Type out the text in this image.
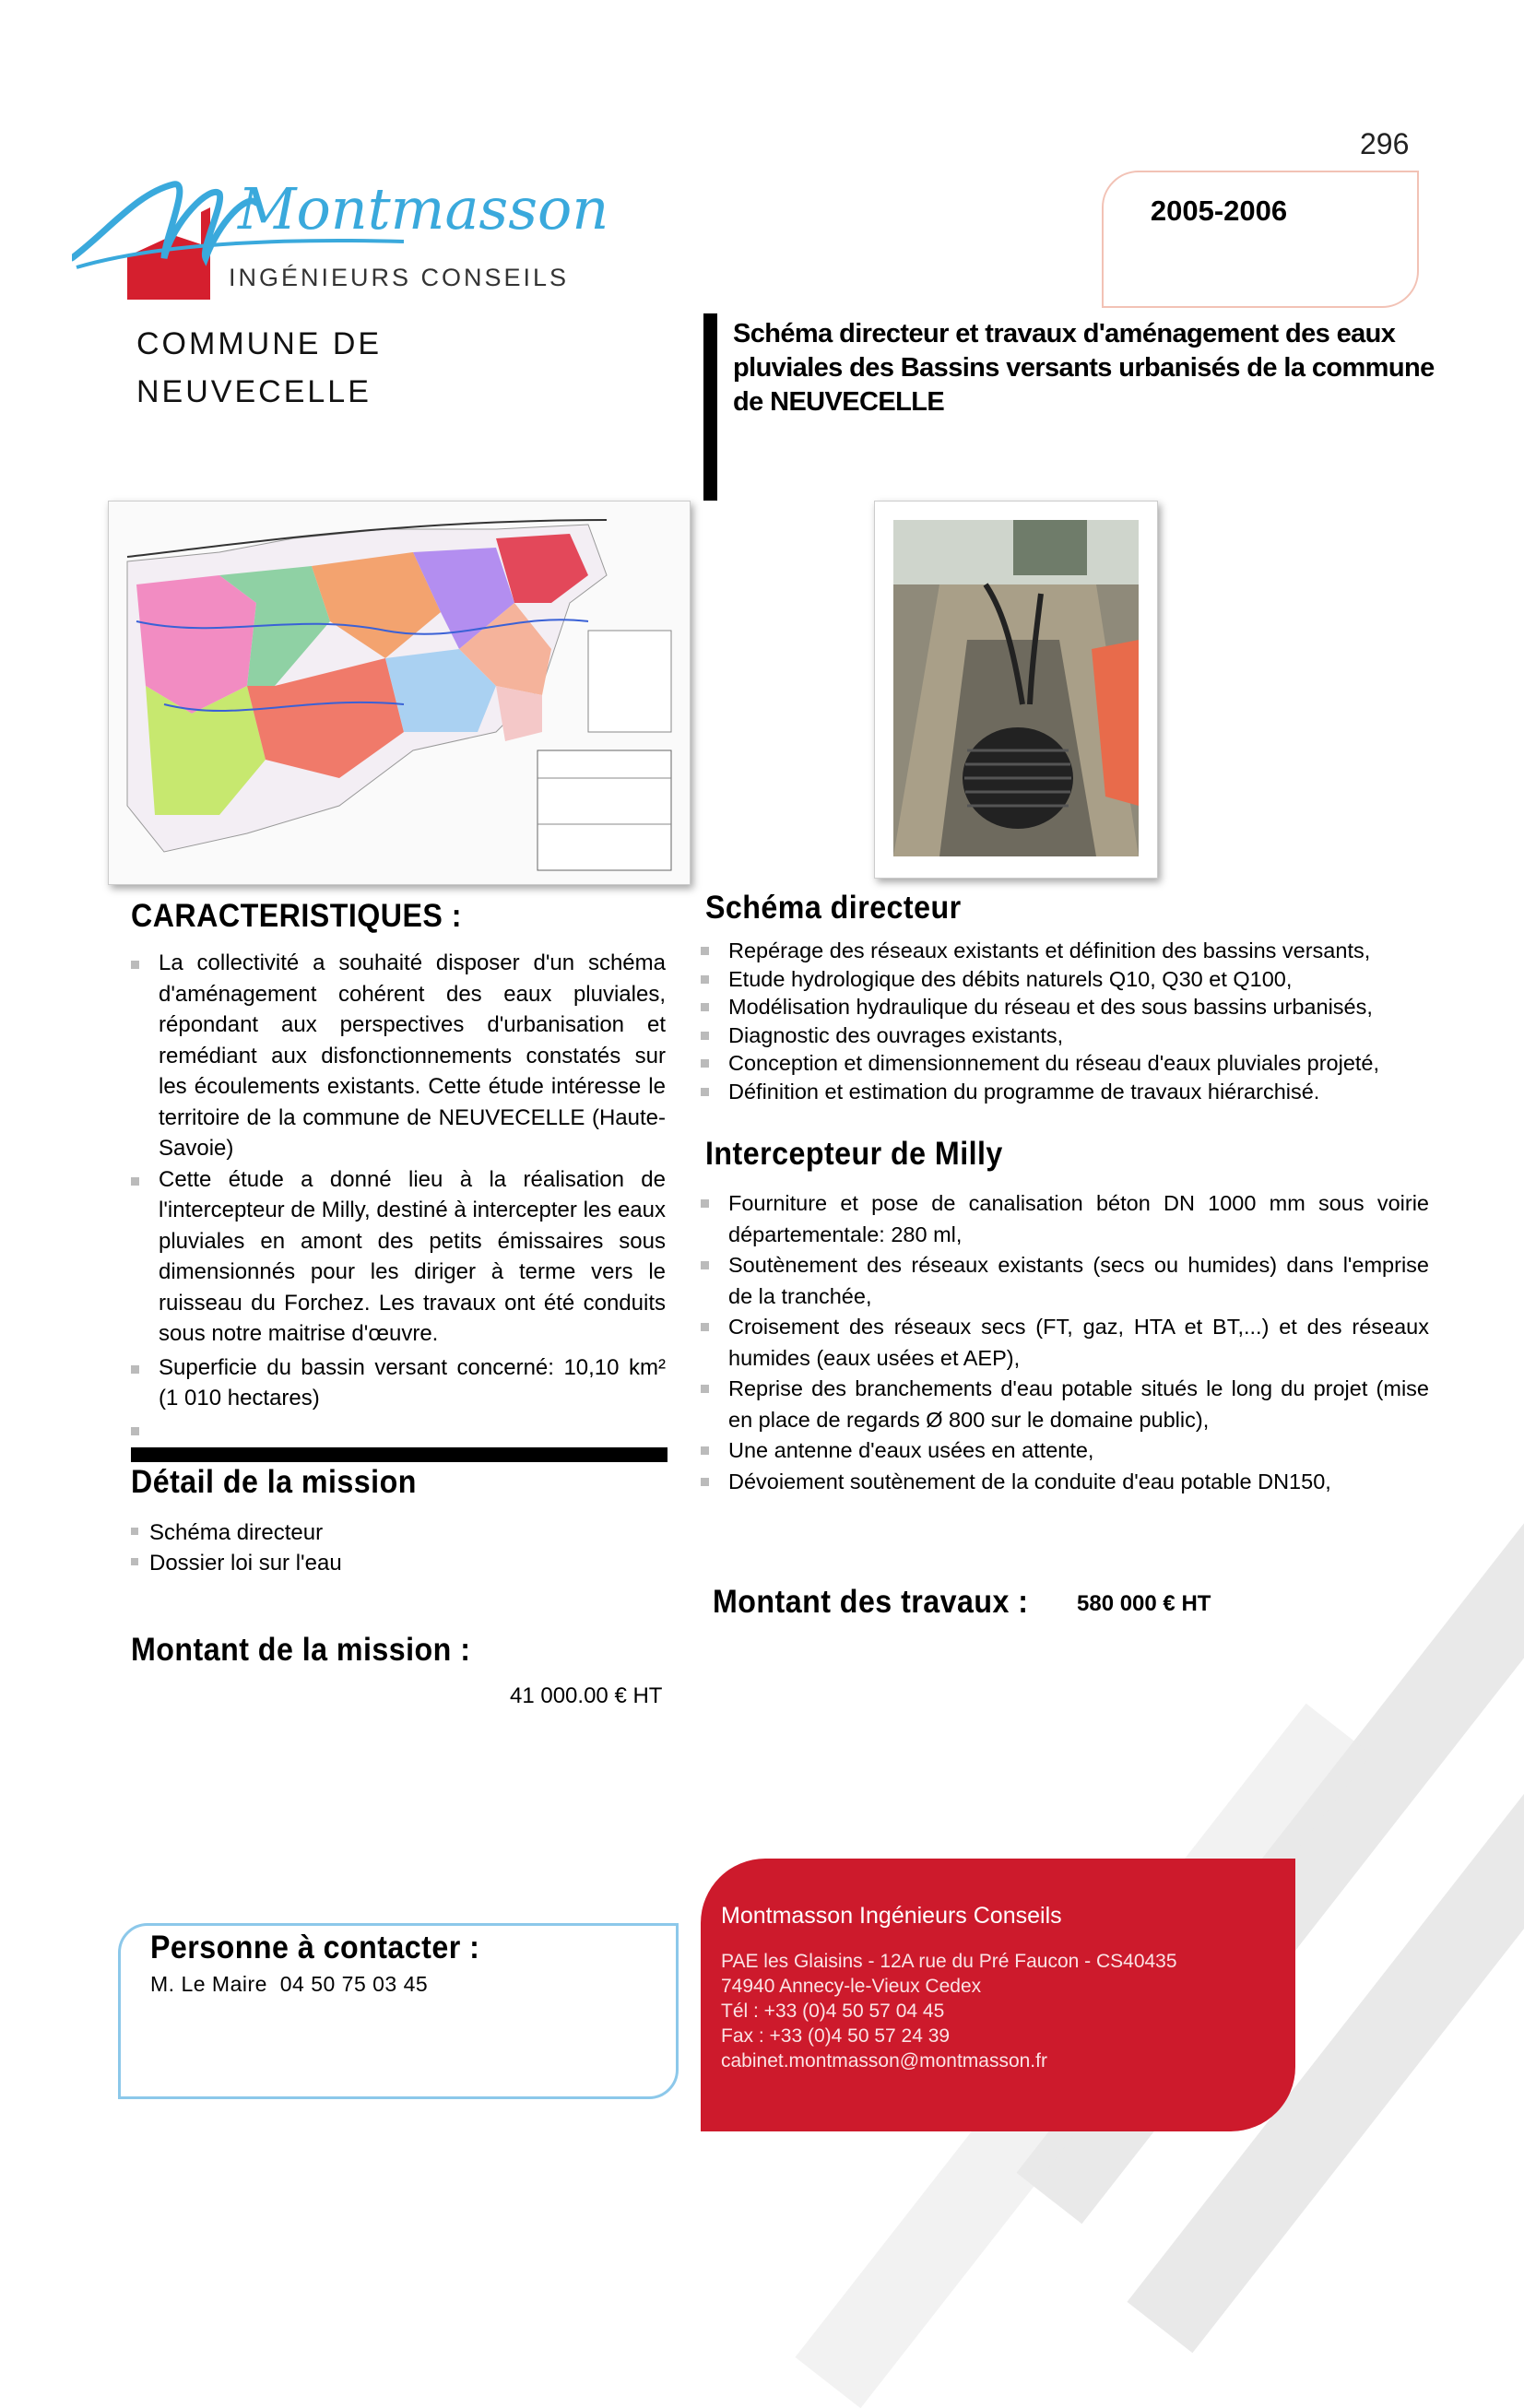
296
2005-2006
Montmasson
INGÉNIEURS CONSEILS
COMMUNE DE
NEUVECELLE
Schéma directeur et travaux d'aménagement des eaux pluviales des Bassins versants urbanisés de la commune de NEUVECELLE
CARACTERISTIQUES :
La collectivité a souhaité disposer d'un schéma d'aménagement cohérent des eaux pluviales, répondant aux perspectives d'urbanisation et remédiant aux disfonctionnements constatés sur les écoulements existants. Cette étude intéresse le territoire de la commune de NEUVECELLE (Haute-Savoie)
Cette étude a donné lieu à la réalisation de l'intercepteur de Milly, destiné à intercepter les eaux pluviales en amont des petits émissaires sous dimensionnés pour les diriger à terme vers le ruisseau du Forchez. Les travaux ont été conduits sous notre maitrise d'œuvre.
Superficie du bassin versant concerné: 10,10 km² (1 010 hectares)
Détail de la mission
Schéma directeur
Dossier loi sur l'eau
Montant de la mission :
41 000.00 € HT
Schéma directeur
Repérage des réseaux existants et définition des bassins versants,
Etude hydrologique des débits naturels Q10, Q30 et Q100,
Modélisation hydraulique du réseau et des sous bassins urbanisés,
Diagnostic des ouvrages existants,
Conception et dimensionnement du réseau d'eaux pluviales projeté,
Définition et estimation du programme de travaux hiérarchisé.
Intercepteur de Milly
Fourniture et pose de canalisation béton DN 1000 mm sous voirie départementale: 280 ml,
Soutènement des réseaux existants (secs ou humides) dans l'emprise de la tranchée,
Croisement des réseaux secs (FT, gaz, HTA et BT,...) et des réseaux humides (eaux usées et AEP),
Reprise des branchements d'eau potable situés le long du projet (mise en place de regards Ø 800 sur le domaine public),
Une antenne d'eaux usées en attente,
Dévoiement soutènement de la conduite d'eau potable DN150,
Montant des travaux : 580 000 € HT
Personne à contacter :
M. Le Maire 04 50 75 03 45
Montmasson Ingénieurs Conseils
PAE les Glaisins - 12A rue du Pré Faucon - CS40435
74940 Annecy-le-Vieux Cedex
Tél : +33 (0)4 50 57 04 45
Fax : +33 (0)4 50 57 24 39
cabinet.montmasson@montmasson.fr
